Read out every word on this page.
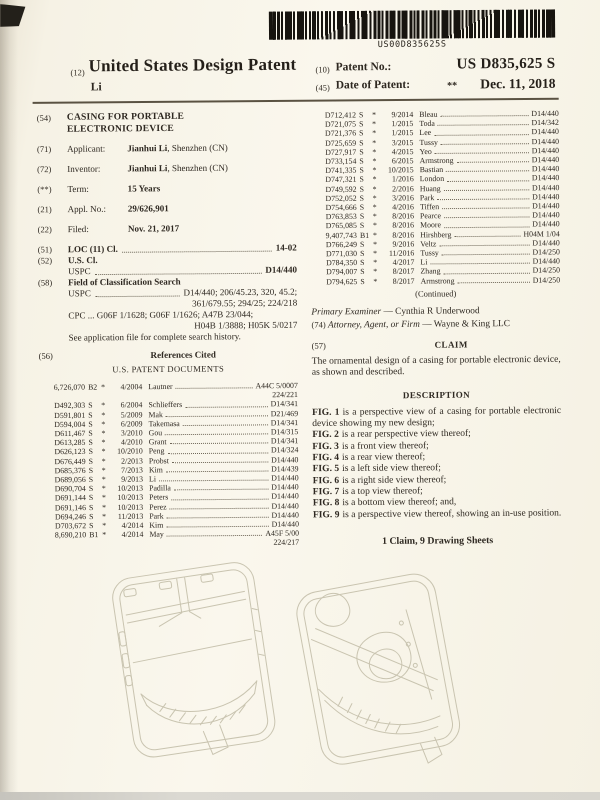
US00D835625S
(12) United States Design Patent
Li
(10) Patent No.:	US D835,625 S
(45) Date of Patent:	** Dec. 11, 2018
(54)	CASING FOR PORTABLE ELECTRONIC DEVICE
(71)	Applicant:	Jianhui Li, Shenzhen (CN)
(72)	Inventor:	Jianhui Li, Shenzhen (CN)
(**)	Term:	15 Years
(21)	Appl. No.:	29/626,901
(22)	Filed:	Nov. 21, 2017
(51)	LOC (11) Cl.	14-02
(52)	U.S. Cl.
USPC	D14/440
(58)	Field of Classification Search
USPC	D14/440; 206/45.23, 320, 45.2;
361/679.55; 294/25; 224/218
CPC ... G06F 1/1628; G06F 1/1626; A47B 23/044;
H04B 1/3888; H05K 5/0217
See application file for complete search history.
(56)	References Cited
U.S. PATENT DOCUMENTS
6,726,070 B2 *	4/2004 Lautner	A44C 5/0007
224/221
D492,303 S	*	6/2004 Schlieffers	D14/341
D591,801 S	*	5/2009 Mak	D21/469
D594,004 S	*	6/2009 Takemasa	D14/341
D611,467 S	*	3/2010 Gou	D14/315
D613,285 S	*	4/2010 Grant	D14/341
D626,123 S	*	10/2010 Peng	D14/324
D676,449 S	*	2/2013 Probst	D14/440
D685,376 S	*	7/2013 Kim	D14/439
D689,056 S	*	9/2013 Li	D14/440
D690,704 S	*	10/2013 Padilla	D14/440
D691,144 S	*	10/2013 Peters	D14/440
D691,146 S	*	10/2013 Perez	D14/440
D694,246 S	*	11/2013 Park	D14/440
D703,672 S	*	4/2014 Kim	D14/440
8,690,210 B1 *	4/2014 May	A45F 5/00
224/217
D712,412 S	*	9/2014 Bleau	D14/440
D721,075 S	*	1/2015 Toda	D14/342
D721,376 S	*	1/2015 Lee	D14/440
D725,659 S	*	3/2015 Tussy	D14/440
D727,917 S	*	4/2015 Yeo	D14/440
D733,154 S	*	6/2015 Armstrong	D14/440
D741,335 S	*	10/2015 Bastian	D14/440
D747,321 S	*	1/2016 London	D14/440
D749,592 S	*	2/2016 Huang	D14/440
D752,052 S	*	3/2016 Park	D14/440
D754,666 S	*	4/2016 Tiffen	D14/440
D763,853 S	*	8/2016 Pearce	D14/440
D765,085 S	*	8/2016 Moore	D14/440
9,407,743 B1 *	8/2016 Hirshberg	H04M 1/04
D766,249 S	*	9/2016 Veltz	D14/440
D771,030 S	*	11/2016 Tussy	D14/250
D784,350 S	*	4/2017 Li	D14/440
D794,007 S	*	8/2017 Zhang	D14/250
D794,625 S	*	8/2017 Armstrong	D14/250
(Continued)
Primary Examiner — Cynthia R Underwood
(74) Attorney, Agent, or Firm — Wayne & King LLC
(57)	CLAIM
The ornamental design of a casing for portable electronic device, as shown and described.
DESCRIPTION
FIG. 1 is a perspective view of a casing for portable electronic device showing my new design;
FIG. 2 is a rear perspective view thereof;
FIG. 3 is a front view thereof;
FIG. 4 is a rear view thereof;
FIG. 5 is a left side view thereof;
FIG. 6 is a right side view thereof;
FIG. 7 is a top view thereof;
FIG. 8 is a bottom view thereof; and,
FIG. 9 is a perspective view thereof, showing an in-use position.
1 Claim, 9 Drawing Sheets
